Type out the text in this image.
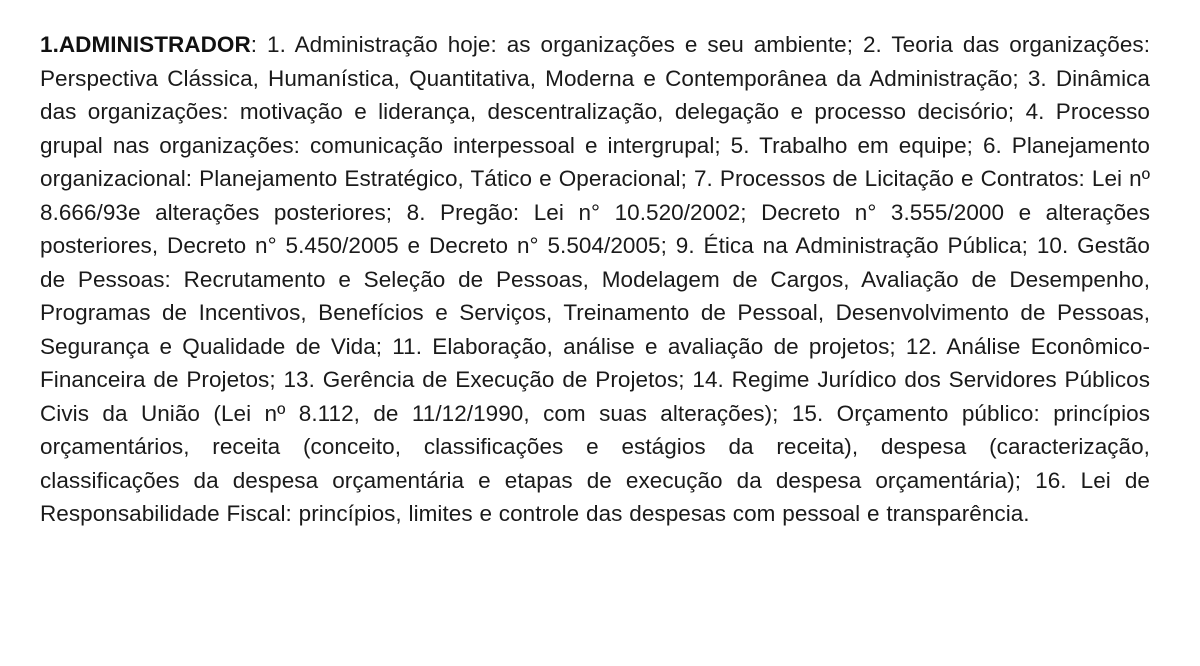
1.ADMINISTRADOR: 1. Administração hoje: as organizações e seu ambiente; 2. Teoria das organizações: Perspectiva Clássica, Humanística, Quantitativa, Moderna e Contemporânea da Administração; 3. Dinâmica das organizações: motivação e liderança, descentralização, delegação e processo decisório; 4. Processo grupal nas organizações: comunicação interpessoal e intergrupal; 5. Trabalho em equipe; 6. Planejamento organizacional: Planejamento Estratégico, Tático e Operacional; 7. Processos de Licitação e Contratos: Lei nº 8.666/93e alterações posteriores; 8. Pregão: Lei n° 10.520/2002; Decreto n° 3.555/2000 e alterações posteriores, Decreto n° 5.450/2005 e Decreto n° 5.504/2005; 9. Ética na Administração Pública; 10. Gestão de Pessoas: Recrutamento e Seleção de Pessoas, Modelagem de Cargos, Avaliação de Desempenho, Programas de Incentivos, Benefícios e Serviços, Treinamento de Pessoal, Desenvolvimento de Pessoas, Segurança e Qualidade de Vida; 11. Elaboração, análise e avaliação de projetos; 12. Análise Econômico-Financeira de Projetos; 13. Gerência de Execução de Projetos; 14. Regime Jurídico dos Servidores Públicos Civis da União (Lei nº 8.112, de 11/12/1990, com suas alterações); 15. Orçamento público: princípios orçamentários, receita (conceito, classificações e estágios da receita), despesa (caracterização, classificações da despesa orçamentária e etapas de execução da despesa orçamentária); 16. Lei de Responsabilidade Fiscal: princípios, limites e controle das despesas com pessoal e transparência.
